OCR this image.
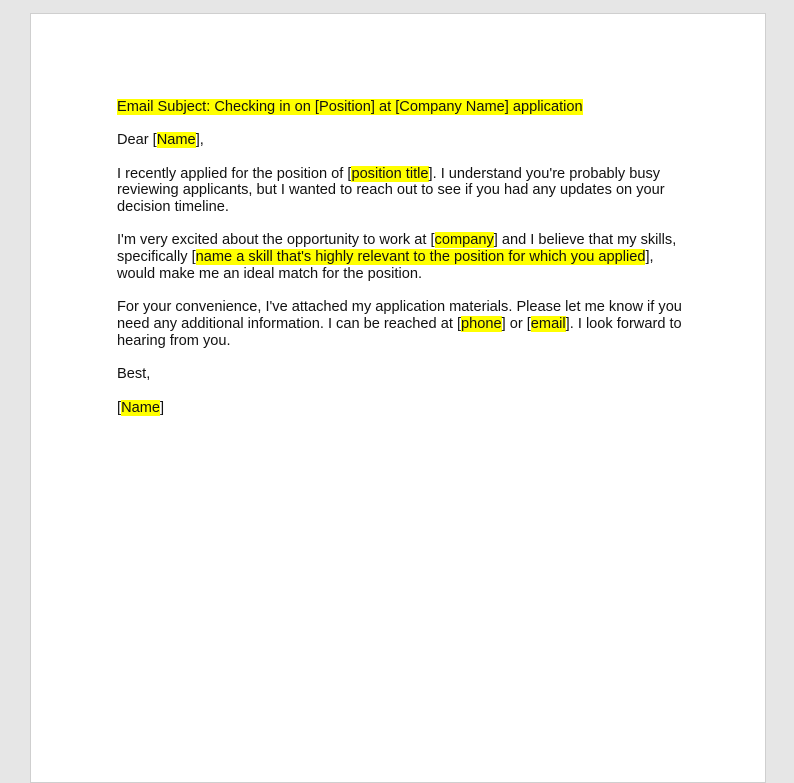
Email Subject: Checking in on [Position] at [Company Name] application

Dear [Name],

I recently applied for the position of [position title]. I understand you're probably busy reviewing applicants, but I wanted to reach out to see if you had any updates on your decision timeline.

I'm very excited about the opportunity to work at [company] and I believe that my skills, specifically [name a skill that's highly relevant to the position for which you applied], would make me an ideal match for the position.

For your convenience, I've attached my application materials. Please let me know if you need any additional information. I can be reached at [phone] or [email]. I look forward to hearing from you.

Best,

[Name]
